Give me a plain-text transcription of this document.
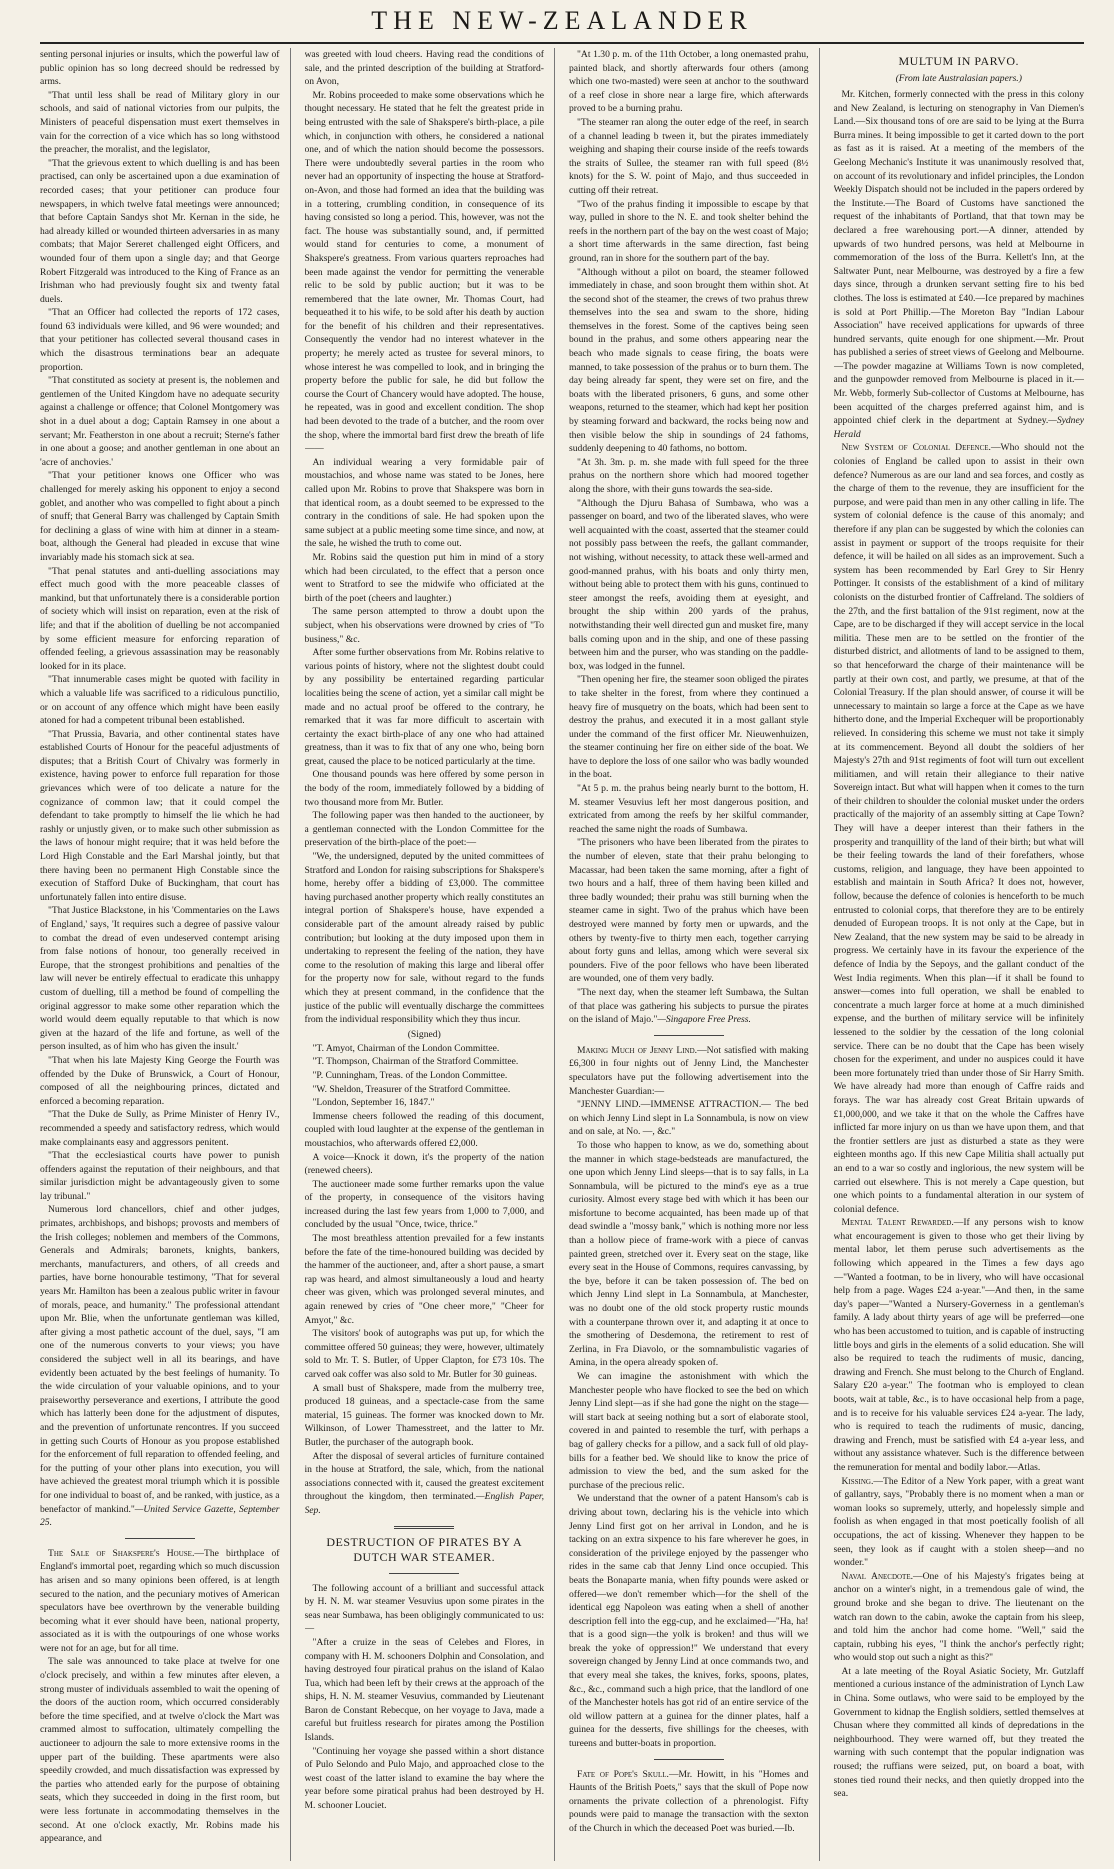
THE NEW-ZEALANDER

senting personal injuries or insults, which the powerful law of public opinion has so long decreed should be redressed by arms.

"That until less shall be read of Military glory in our schools, and said of national victories from our pulpits, the Ministers of peaceful dispensation must exert themselves in vain for the correction of a vice which has so long withstood the preacher, the moralist, and the legislator,

"That the grievous extent to which duelling is and has been practised, can only be ascertained upon a due examination of recorded cases; that your petitioner can produce four newspapers, in which twelve fatal meetings were announced; that before Captain Sandys shot Mr. Kernan in the side, he had already killed or wounded thirteen adversaries in as many combats; that Major Sereret challenged eight Officers, and wounded four of them upon a single day; and that George Robert Fitzgerald was introduced to the King of France as an Irishman who had previously fought six and twenty fatal duels.

"That an Officer had collected the reports of 172 cases, found 63 individuals were killed, and 96 were wounded; and that your petitioner has collected several thousand cases in which the disastrous terminations bear an adequate proportion.

"That constituted as society at present is, the noblemen and gentlemen of the United Kingdom have no adequate security against a challenge or offence; that Colonel Montgomery was shot in a duel about a dog; Captain Ramsey in one about a servant; Mr. Featherston in one about a recruit; Sterne's father in one about a goose; and another gentleman in one about an 'acre of anchovies.'

"That your petitioner knows one Officer who was challenged for merely asking his opponent to enjoy a second goblet, and another who was compelled to fight about a pinch of snuff; that General Barry was challenged by Captain Smith for declining a glass of wine with him at dinner in a steam-boat, although the General had pleaded in excuse that wine invariably made his stomach sick at sea.

"That penal statutes and anti-duelling associations may effect much good with the more peaceable classes of mankind, but that unfortunately there is a considerable portion of society which will insist on reparation, even at the risk of life; and that if the abolition of duelling be not accompanied by some efficient measure for enforcing reparation of offended feeling, a grievous assassination may be reasonably looked for in its place.

"That innumerable cases might be quoted with facility in which a valuable life was sacrificed to a ridiculous punctilio, or on account of any offence which might have been easily atoned for had a competent tribunal been established.

"That Prussia, Bavaria, and other continental states have established Courts of Honour for the peaceful adjustments of disputes; that a British Court of Chivalry was formerly in existence, having power to enforce full reparation for those grievances which were of too delicate a nature for the cognizance of common law; that it could compel the defendant to take promptly to himself the lie which he had rashly or unjustly given, or to make such other submission as the laws of honour might require; that it was held before the Lord High Constable and the Earl Marshal jointly, but that there having been no permanent High Constable since the execution of Stafford Duke of Buckingham, that court has unfortunately fallen into entire disuse.

"That Justice Blackstone, in his 'Commentaries on the Laws of England,' says, 'It requires such a degree of passive valour to combat the dread of even undeserved contempt arising from false notions of honour, too generally received in Europe, that the strongest prohibitions and penalties of the law will never be entirely effectual to eradicate this unhappy custom of duelling, till a method be found of compelling the original aggressor to make some other reparation which the world would deem equally reputable to that which is now given at the hazard of the life and fortune, as well of the person insulted, as of him who has given the insult.'

"That when his late Majesty King George the Fourth was offended by the Duke of Brunswick, a Court of Honour, composed of all the neighbouring princes, dictated and enforced a becoming reparation.

"That the Duke de Sully, as Prime Minister of Henry IV., recommended a speedy and satisfactory redress, which would make complainants easy and aggressors penitent.

"That the ecclesiastical courts have power to punish offenders against the reputation of their neighbours, and that similar jurisdiction might be advantageously given to some lay tribunal."

Numerous lord chancellors, chief and other judges, primates, archbishops, and bishops; provosts and members of the Irish colleges; noblemen and members of the Commons, Generals and Admirals; baronets, knights, bankers, merchants, manufacturers, and others, of all creeds and parties, have borne honourable testimony, "That for several years Mr. Hamilton has been a zealous public writer in favour of morals, peace, and humanity." The professional attendant upon Mr. Blie, when the unfortunate gentleman was killed, after giving a most pathetic account of the duel, says, "I am one of the numerous converts to your views; you have considered the subject well in all its bearings, and have evidently been actuated by the best feelings of humanity. To the wide circulation of your valuable opinions, and to your praiseworthy perseverance and exertions, I attribute the good which has latterly been done for the adjustment of disputes, and the prevention of unfortunate rencontres. If you succeed in getting such Courts of Honour as you propose established for the enforcement of full reparation to offended feeling, and for the putting of your other plans into execution, you will have achieved the greatest moral triumph which it is possible for one individual to boast of, and be ranked, with justice, as a benefactor of mankind."—United Service Gazette, September 25.

The Sale of Shakspere's House.—The birthplace of England's immortal poet, regarding which so much discussion has arisen and so many opinions been offered, is at length secured to the nation, and the pecuniary motives of American speculators have bee overthrown by the venerable building becoming what it ever should have been, national property, associated as it is with the outpourings of one whose works were not for an age, but for all time.

The sale was announced to take place at twelve for one o'clock precisely, and within a few minutes after eleven, a strong muster of individuals assembled to wait the opening of the doors of the auction room, which occurred considerably before the time specified, and at twelve o'clock the Mart was crammed almost to suffocation, ultimately compelling the auctioneer to adjourn the sale to more extensive rooms in the upper part of the building. These apartments were also speedily crowded, and much dissatisfaction was expressed by the parties who attended early for the purpose of obtaining seats, which they succeeded in doing in the first room, but were less fortunate in accommodating themselves in the second. At one o'clock exactly, Mr. Robins made his appearance, and

was greeted with loud cheers. Having read the conditions of sale, and the printed description of the building at Stratford-on Avon,

Mr. Robins proceeded to make some observations which he thought necessary. He stated that he felt the greatest pride in being entrusted with the sale of Shakspere's birth-place, a pile which, in conjunction with others, he considered a national one, and of which the nation should become the possessors. There were undoubtedly several parties in the room who never had an opportunity of inspecting the house at Stratford-on-Avon, and those had formed an idea that the building was in a tottering, crumbling condition, in consequence of its having consisted so long a period. This, however, was not the fact. The house was substantially sound, and, if permitted would stand for centuries to come, a monument of Shakspere's greatness. From various quarters reproaches had been made against the vendor for permitting the venerable relic to be sold by public auction; but it was to be remembered that the late owner, Mr. Thomas Court, had bequeathed it to his wife, to be sold after his death by auction for the benefit of his children and their representatives. Consequently the vendor had no interest whatever in the property; he merely acted as trustee for several minors, to whose interest he was compelled to look, and in bringing the property before the public for sale, he did but follow the course the Court of Chancery would have adopted. The house, he repeated, was in good and excellent condition. The shop had been devoted to the trade of a butcher, and the room over the shop, where the immortal bard first drew the breath of life——

An individual wearing a very formidable pair of moustachios, and whose name was stated to be Jones, here called upon Mr. Robins to prove that Shakspere was born in that identical room, as a doubt seemed to be expressed to the contrary in the conditions of sale. He had spoken upon the same subject at a public meeting some time since, and now, at the sale, he wished the truth to come out.

Mr. Robins said the question put him in mind of a story which had been circulated, to the effect that a person once went to Stratford to see the midwife who officiated at the birth of the poet (cheers and laughter.)

The same person attempted to throw a doubt upon the subject, when his observations were drowned by cries of "To business," &c.

After some further observations from Mr. Robins relative to various points of history, where not the slightest doubt could by any possibility be entertained regarding particular localities being the scene of action, yet a similar call might be made and no actual proof be offered to the contrary, he remarked that it was far more difficult to ascertain with certainty the exact birth-place of any one who had attained greatness, than it was to fix that of any one who, being born great, caused the place to be noticed particularly at the time.

One thousand pounds was here offered by some person in the body of the room, immediately followed by a bidding of two thousand more from Mr. Butler.

The following paper was then handed to the auctioneer, by a gentleman connected with the London Committee for the preservation of the birth-place of the poet:—

"We, the undersigned, deputed by the united committees of Stratford and London for raising subscriptions for Shakspere's home, hereby offer a bidding of £3,000. The committee having purchased another property which really constitutes an integral portion of Shakspere's house, have expended a considerable part of the amount already raised by public contribution; but looking at the duty imposed upon them in undertaking to represent the feeling of the nation, they have come to the resolution of making this large and liberal offer for the property now for sale, without regard to the funds which they at present command, in the confidence that the justice of the public will eventually discharge the committees from the individual responsibility which they thus incur.

(Signed)

"T. Amyot, Chairman of the London Committee.

"T. Thompson, Chairman of the Stratford Committee.

"P. Cunningham, Treas. of the London Committee.

"W. Sheldon, Treasurer of the Stratford Committee.

"London, September 16, 1847."

Immense cheers followed the reading of this document, coupled with loud laughter at the expense of the gentleman in moustachios, who afterwards offered £2,000.

A voice—Knock it down, it's the property of the nation (renewed cheers).

The auctioneer made some further remarks upon the value of the property, in consequence of the visitors having increased during the last few years from 1,000 to 7,000, and concluded by the usual "Once, twice, thrice."

The most breathless attention prevailed for a few instants before the fate of the time-honoured building was decided by the hammer of the auctioneer, and, after a short pause, a smart rap was heard, and almost simultaneously a loud and hearty cheer was given, which was prolonged several minutes, and again renewed by cries of "One cheer more," "Cheer for Amyot," &c.

The visitors' book of autographs was put up, for which the committee offered 50 guineas; they were, however, ultimately sold to Mr. T. S. Butler, of Upper Clapton, for £73 10s. The carved oak coffer was also sold to Mr. Butler for 30 guineas.

A small bust of Shakspere, made from the mulberry tree, produced 18 guineas, and a spectacle-case from the same material, 15 guineas. The former was knocked down to Mr. Wilkinson, of Lower Thamesstreet, and the latter to Mr. Butler, the purchaser of the autograph book.

After the disposal of several articles of furniture contained in the house at Stratford, the sale, which, from the national associations connected with it, caused the greatest excitement throughout the kingdom, then terminated.—English Paper, Sep.

DESTRUCTION OF PIRATES BY A DUTCH WAR STEAMER.

The following account of a brilliant and successful attack by H. N. M. war steamer Vesuvius upon some pirates in the seas near Sumbawa, has been obligingly communicated to us:—

"After a cruize in the seas of Celebes and Flores, in company with H. M. schooners Dolphin and Consolation, and having destroyed four piratical prahus on the island of Kalao Tua, which had been left by their crews at the approach of the ships, H. N. M. steamer Vesuvius, commanded by Lieutenant Baron de Constant Rebecque, on her voyage to Java, made a careful but fruitless research for pirates among the Postilion Islands.

"Continuing her voyage she passed within a short distance of Pulo Selondo and Pulo Majo, and approached close to the west coast of the latter island to examine the bay where the year before some piratical prahus had been destroyed by H. M. schooner Louciet.

"At 1.30 p. m. of the 11th October, a long onemasted prahu, painted black, and shortly afterwards four others (among which one two-masted) were seen at anchor to the southward of a reef close in shore near a large fire, which afterwards proved to be a burning prahu.

"The steamer ran along the outer edge of the reef, in search of a channel leading b tween it, but the pirates immediately weighing and shaping their course inside of the reefs towards the straits of Sullee, the steamer ran with full speed (8½ knots) for the S. W. point of Majo, and thus succeeded in cutting off their retreat.

"Two of the prahus finding it impossible to escape by that way, pulled in shore to the N. E. and took shelter behind the reefs in the northern part of the bay on the west coast of Majo; a short time afterwards in the same direction, fast being ground, ran in shore for the southern part of the bay.

"Although without a pilot on board, the steamer followed immediately in chase, and soon brought them within shot. At the second shot of the steamer, the crews of two prahus threw themselves into the sea and swam to the shore, hiding themselves in the forest. Some of the captives being seen bound in the prahus, and some others appearing near the beach who made signals to cease firing, the boats were manned, to take possession of the prahus or to burn them. The day being already far spent, they were set on fire, and the boats with the liberated prisoners, 6 guns, and some other weapons, returned to the steamer, which had kept her position by steaming forward and backward, the rocks being now and then visible below the ship in soundings of 24 fathoms, suddenly deepening to 40 fathoms, no bottom.

"At 3h. 3m. p. m. she made with full speed for the three prahus on the northern shore which had moored together along the shore, with their guns towards the sea-side.

"Although the Djuru Bahasa of Sumbawa, who was a passenger on board, and two of the liberated slaves, who were well acquainted with the coast, asserted that the steamer could not possibly pass between the reefs, the gallant commander, not wishing, without necessity, to attack these well-armed and good-manned prahus, with his boats and only thirty men, without being able to protect them with his guns, continued to steer amongst the reefs, avoiding them at eyesight, and brought the ship within 200 yards of the prahus, notwithstanding their well directed gun and musket fire, many balls coming upon and in the ship, and one of these passing between him and the purser, who was standing on the paddle-box, was lodged in the funnel.

"Then opening her fire, the steamer soon obliged the pirates to take shelter in the forest, from where they continued a heavy fire of musquetry on the boats, which had been sent to destroy the prahus, and executed it in a most gallant style under the command of the first officer Mr. Nieuwenhuizen, the steamer continuing her fire on either side of the boat. We have to deplore the loss of one sailor who was badly wounded in the boat.

"At 5 p. m. the prahus being nearly burnt to the bottom, H. M. steamer Vesuvius left her most dangerous position, and extricated from among the reefs by her skilful commander, reached the same night the roads of Sumbawa.

"The prisoners who have been liberated from the pirates to the number of eleven, state that their prahu belonging to Macassar, had been taken the same morning, after a fight of two hours and a half, three of them having been killed and three badly wounded; their prahu was still burning when the steamer came in sight. Two of the prahus which have been destroyed were manned by forty men or upwards, and the others by twenty-five to thirty men each, together carrying about forty guns and lellas, among which were several six pounders. Five of the poor fellows who have been liberated are wounded, one of them very badly.

"The next day, when the steamer left Sumbawa, the Sultan of that place was gathering his subjects to pursue the pirates on the island of Majo."—Singapore Free Press.

Making Much of Jenny Lind.—Not satisfied with making £6,300 in four nights out of Jenny Lind, the Manchester speculators have put the following advertisement into the Manchester Guardian:—

"JENNY LIND.—IMMENSE ATTRACTION.— The bed on which Jenny Lind slept in La Sonnambula, is now on view and on sale, at No. —, &c."

To those who happen to know, as we do, something about the manner in which stage-bedsteads are manufactured, the one upon which Jenny Lind sleeps—that is to say falls, in La Sonnambula, will be pictured to the mind's eye as a true curiosity. Almost every stage bed with which it has been our misfortune to become acquainted, has been made up of that dead swindle a "mossy bank," which is nothing more nor less than a hollow piece of frame-work with a piece of canvas painted green, stretched over it. Every seat on the stage, like every seat in the House of Commons, requires canvassing, by the bye, before it can be taken possession of. The bed on which Jenny Lind slept in La Sonnambula, at Manchester, was no doubt one of the old stock property rustic mounds with a counterpane thrown over it, and adapting it at once to the smothering of Desdemona, the retirement to rest of Zerlina, in Fra Diavolo, or the somnambulistic vagaries of Amina, in the opera already spoken of.

We can imagine the astonishment with which the Manchester people who have flocked to see the bed on which Jenny Lind slept—as if she had gone the night on the stage—will start back at seeing nothing but a sort of elaborate stool, covered in and painted to resemble the turf, with perhaps a bag of gallery checks for a pillow, and a sack full of old play-bills for a feather bed. We should like to know the price of admission to view the bed, and the sum asked for the purchase of the precious relic.

We understand that the owner of a patent Hansom's cab is driving about town, declaring his is the vehicle into which Jenny Lind first got on her arrival in London, and he is tacking on an extra sixpence to his fare wherever he goes, in consideration of the privilege enjoyed by the passenger who rides in the same cab that Jenny Lind once occupied. This beats the Bonaparte mania, when fifty pounds were asked or offered—we don't remember which—for the shell of the identical egg Napoleon was eating when a shell of another description fell into the egg-cup, and he exclaimed—"Ha, ha! that is a good sign—the yolk is broken! and thus will we break the yoke of oppression!" We understand that every sovereign changed by Jenny Lind at once commands two, and that every meal she takes, the knives, forks, spoons, plates, &c., &c., command such a high price, that the landlord of one of the Manchester hotels has got rid of an entire service of the old willow pattern at a guinea for the dinner plates, half a guinea for the desserts, five shillings for the cheeses, with tureens and butter-boats in proportion.

Fate of Pope's Skull.—Mr. Howitt, in his "Homes and Haunts of the British Poets," says that the skull of Pope now ornaments the private collection of a phrenologist. Fifty pounds were paid to manage the transaction with the sexton of the Church in which the deceased Poet was buried.—Ib.

MULTUM IN PARVO.
(From late Australasian papers.)

Mr. Kitchen, formerly connected with the press in this colony and New Zealand, is lecturing on stenography in Van Diemen's Land.—Six thousand tons of ore are said to be lying at the Burra Burra mines. It being impossible to get it carted down to the port as fast as it is raised. At a meeting of the members of the Geelong Mechanic's Institute it was unanimously resolved that, on account of its revolutionary and infidel principles, the London Weekly Dispatch should not be included in the papers ordered by the Institute.—The Board of Customs have sanctioned the request of the inhabitants of Portland, that that town may be declared a free warehousing port.—A dinner, attended by upwards of two hundred persons, was held at Melbourne in commemoration of the loss of the Burra. Kellett's Inn, at the Saltwater Punt, near Melbourne, was destroyed by a fire a few days since, through a drunken servant setting fire to his bed clothes. The loss is estimated at £40.—Ice prepared by machines is sold at Port Phillip.—The Moreton Bay "Indian Labour Association" have received applications for upwards of three hundred servants, quite enough for one shipment.—Mr. Prout has published a series of street views of Geelong and Melbourne.—The powder magazine at Williams Town is now completed, and the gunpowder removed from Melbourne is placed in it.—Mr. Webb, formerly Sub-collector of Customs at Melbourne, has been acquitted of the charges preferred against him, and is appointed chief clerk in the department at Sydney.—Sydney Herald

New System of Colonial Defence.—Who should not the colonies of England be called upon to assist in their own defence? Numerous as are our land and sea forces, and costly as the charge of them to the revenue, they are insufficient for the purpose, and were paid than men in any other calling in life. The system of colonial defence is the cause of this anomaly; and therefore if any plan can be suggested by which the colonies can assist in payment or support of the troops requisite for their defence, it will be hailed on all sides as an improvement. Such a system has been recommended by Earl Grey to Sir Henry Pottinger. It consists of the establishment of a kind of military colonists on the disturbed frontier of Caffreland. The soldiers of the 27th, and the first battalion of the 91st regiment, now at the Cape, are to be discharged if they will accept service in the local militia. These men are to be settled on the frontier of the disturbed district, and allotments of land to be assigned to them, so that henceforward the charge of their maintenance will be partly at their own cost, and partly, we presume, at that of the Colonial Treasury. If the plan should answer, of course it will be unnecessary to maintain so large a force at the Cape as we have hitherto done, and the Imperial Exchequer will be proportionably relieved. In considering this scheme we must not take it simply at its commencement. Beyond all doubt the soldiers of her Majesty's 27th and 91st regiments of foot will turn out excellent militiamen, and will retain their allegiance to their native Sovereign intact. But what will happen when it comes to the turn of their children to shoulder the colonial musket under the orders practically of the majority of an assembly sitting at Cape Town? They will have a deeper interest than their fathers in the prosperity and tranquillity of the land of their birth; but what will be their feeling towards the land of their forefathers, whose customs, religion, and language, they have been appointed to establish and maintain in South Africa? It does not, however, follow, because the defence of colonies is henceforth to be much entrusted to colonial corps, that therefore they are to be entirely denuded of European troops. It is not only at the Cape, but in New Zealand, that the new system may be said to be already in progress. We certainly have in its favour the experience of the defence of India by the Sepoys, and the gallant conduct of the West India regiments. When this plan—if it shall be found to answer—comes into full operation, we shall be enabled to concentrate a much larger force at home at a much diminished expense, and the burthen of military service will be infinitely lessened to the soldier by the cessation of the long colonial service. There can be no doubt that the Cape has been wisely chosen for the experiment, and under no auspices could it have been more fortunately tried than under those of Sir Harry Smith. We have already had more than enough of Caffre raids and forays. The war has already cost Great Britain upwards of £1,000,000, and we take it that on the whole the Caffres have inflicted far more injury on us than we have upon them, and that the frontier settlers are just as disturbed a state as they were eighteen months ago. If this new Cape Militia shall actually put an end to a war so costly and inglorious, the new system will be carried out elsewhere. This is not merely a Cape question, but one which points to a fundamental alteration in our system of colonial defence.

Mental Talent Rewarded.—If any persons wish to know what encouragement is given to those who get their living by mental labor, let them peruse such advertisements as the following which appeared in the Times a few days ago—"Wanted a footman, to be in livery, who will have occasional help from a page. Wages £24 a-year."—And then, in the same day's paper—"Wanted a Nursery-Governess in a gentleman's family. A lady about thirty years of age will be preferred—one who has been accustomed to tuition, and is capable of instructing little boys and girls in the elements of a solid education. She will also be required to teach the rudiments of music, dancing, drawing and French. She must belong to the Church of England. Salary £20 a-year." The footman who is employed to clean boots, wait at table, &c., is to have occasional help from a page, and is to receive for his valuable services £24 a-year. The lady, who is required to teach the rudiments of music, dancing, drawing and French, must be satisfied with £4 a-year less, and without any assistance whatever. Such is the difference between the remuneration for mental and bodily labor.—Atlas.

Kissing.—The Editor of a New York paper, with a great want of gallantry, says, "Probably there is no moment when a man or woman looks so supremely, utterly, and hopelessly simple and foolish as when engaged in that most poetically foolish of all occupations, the act of kissing. Whenever they happen to be seen, they look as if caught with a stolen sheep—and no wonder."

Naval Anecdote.—One of his Majesty's frigates being at anchor on a winter's night, in a tremendous gale of wind, the ground broke and she began to drive. The lieutenant on the watch ran down to the cabin, awoke the captain from his sleep, and told him the anchor had come home. "Well," said the captain, rubbing his eyes, "I think the anchor's perfectly right; who would stop out such a night as this?"

At a late meeting of the Royal Asiatic Society, Mr. Gutzlaff mentioned a curious instance of the administration of Lynch Law in China. Some outlaws, who were said to be employed by the Government to kidnap the English soldiers, settled themselves at Chusan where they committed all kinds of depredations in the neighbourhood. They were warned off, but they treated the warning with such contempt that the popular indignation was roused; the ruffians were seized, put, on board a boat, with stones tied round their necks, and then quietly dropped into the sea.
